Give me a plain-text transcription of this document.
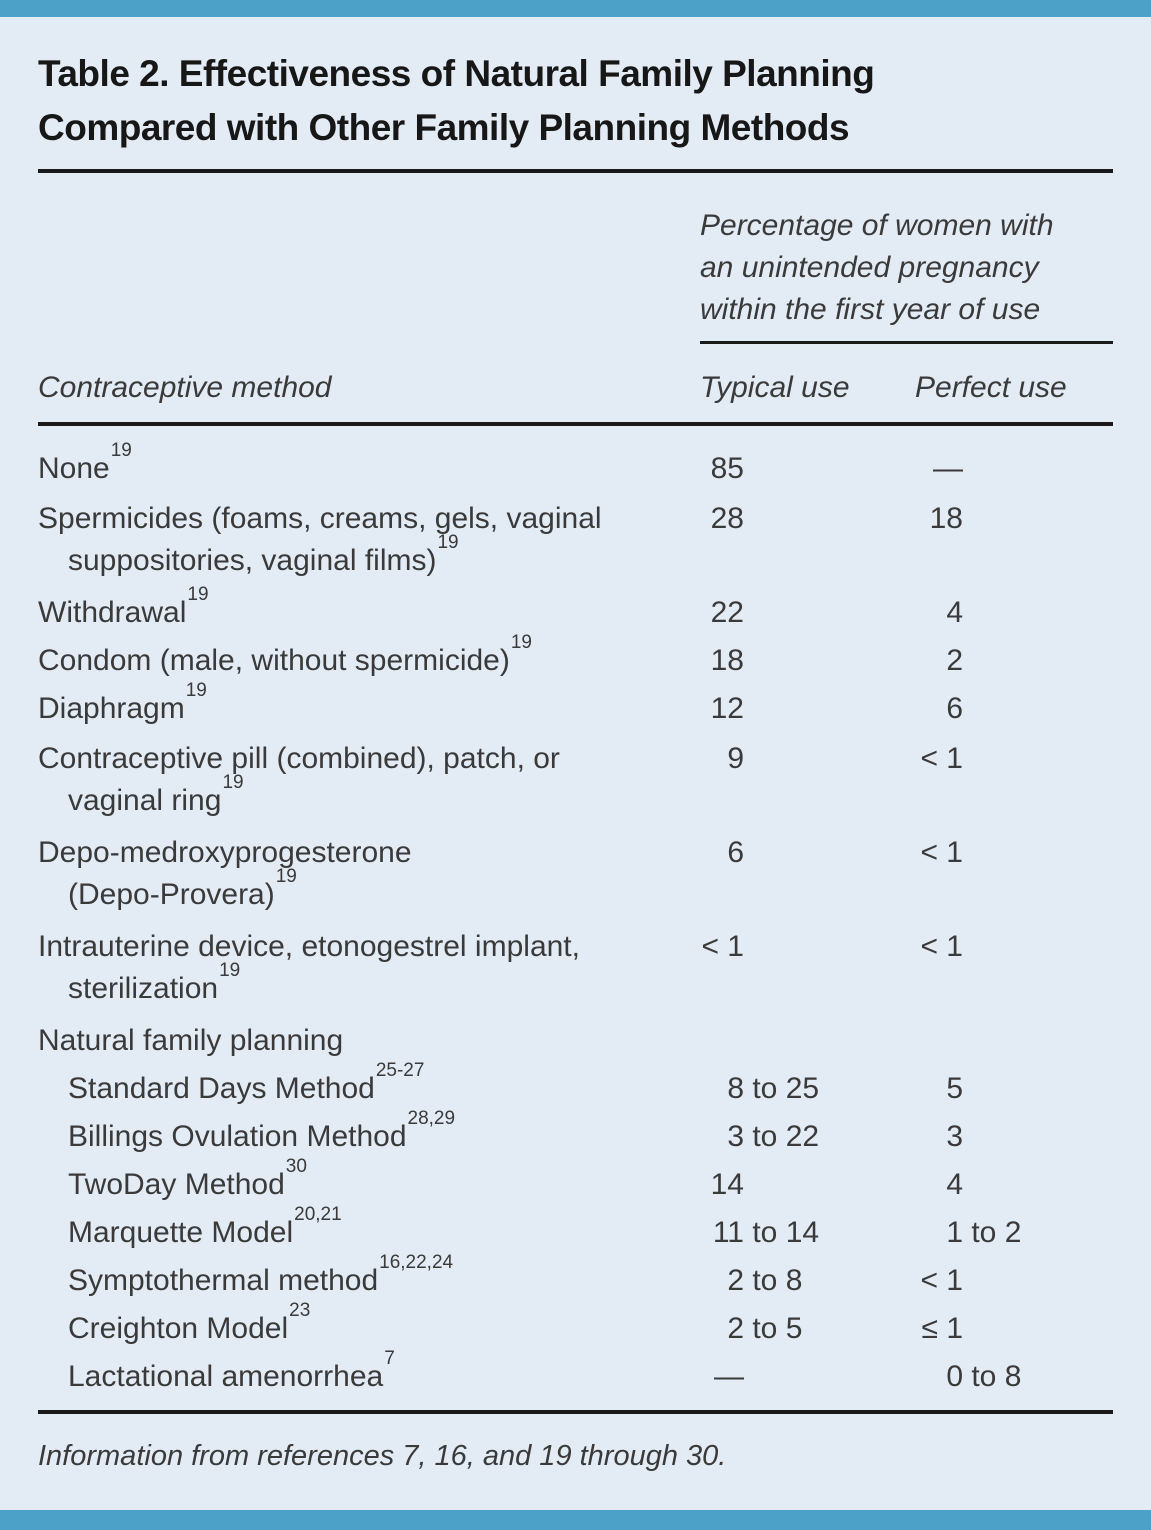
Table 2. Effectiveness of Natural Family Planning
Compared with Other Family Planning Methods
Percentage of women with
an unintended pregnancy
within the first year of use
Contraceptive method	Typical use Perfect use
None$^{19}$
85	—
Spermicides (foams, creams, gels, vaginal
suppositories, vaginal films)$^{19}$
28	18
Withdrawal$^{19}$
22	4
Condom (male, without spermicide)$^{19}$
18	2
Diaphragm$^{19}$
12	6
Contraceptive pill (combined), patch, or
vaginal ring$^{19}$
9	< 1
Depo-medroxyprogesterone
(Depo-Provera)$^{19}$
6	< 1
Intrauterine device, etonogestrel implant,
sterilization$^{19}$
< 1	< 1
Natural family planning
Standard Days Method$^{25-27}$
8 to 25	5
Billings Ovulation Method$^{28,29}$
3 to 22	3
TwoDay Method$^{30}$
14	4
Marquette Model$^{20,21}$
11 to 14	1 to 2
Symptothermal method$^{16,22,24}$
2 to 8	< 1
Creighton Model$^{23}$
2 to 5	≤ 1
Lactational amenorrhea$^7$
—	0 to 8
Information from references 7, 16, and 19 through 30.
